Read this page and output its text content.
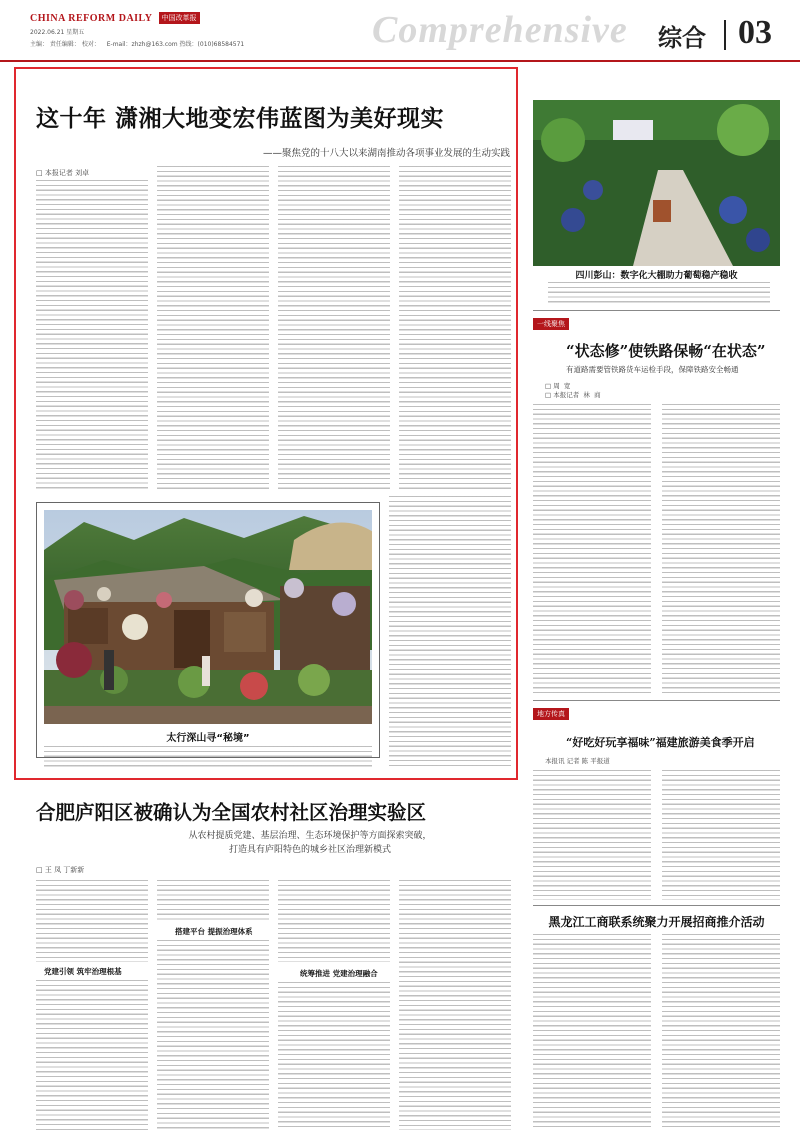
CHINA REFORM DAILY	中国改革报
2022.06.21 星期五
主编： 责任编辑： 校对： E-mail：zhzh@163.com 热线：(010)68584571	Comprehensive 综合 03
这十年 潇湘大地变宏伟蓝图为美好现实
——聚焦党的十八大以来湖南推动各项事业发展的生动实践
□ 本报记者 刘卓
太行深山寻“秘境”
四川彭山：数字化大棚助力葡萄稳产稳收
一线聚焦
“状态修”使铁路保畅“在状态”
有道路需要管铁路货车运检手段，保障铁路安全畅通
□ 周  宽
□ 本报记者  林  商
地方传真
“好吃好玩享福味”福建旅游美食季开启
本报讯 记者 陈 平报道
黑龙江工商联系统聚力开展招商推介活动
合肥庐阳区被确认为全国农村社区治理实验区
从农村提质党建、基层治理、生态环境保护等方面探索突破，
打造具有庐阳特色的城乡社区治理新模式
□ 王 凤 丁新新
党建引领 筑牢治理根基
搭建平台 提振治理体系
统筹推进 党建治理融合
